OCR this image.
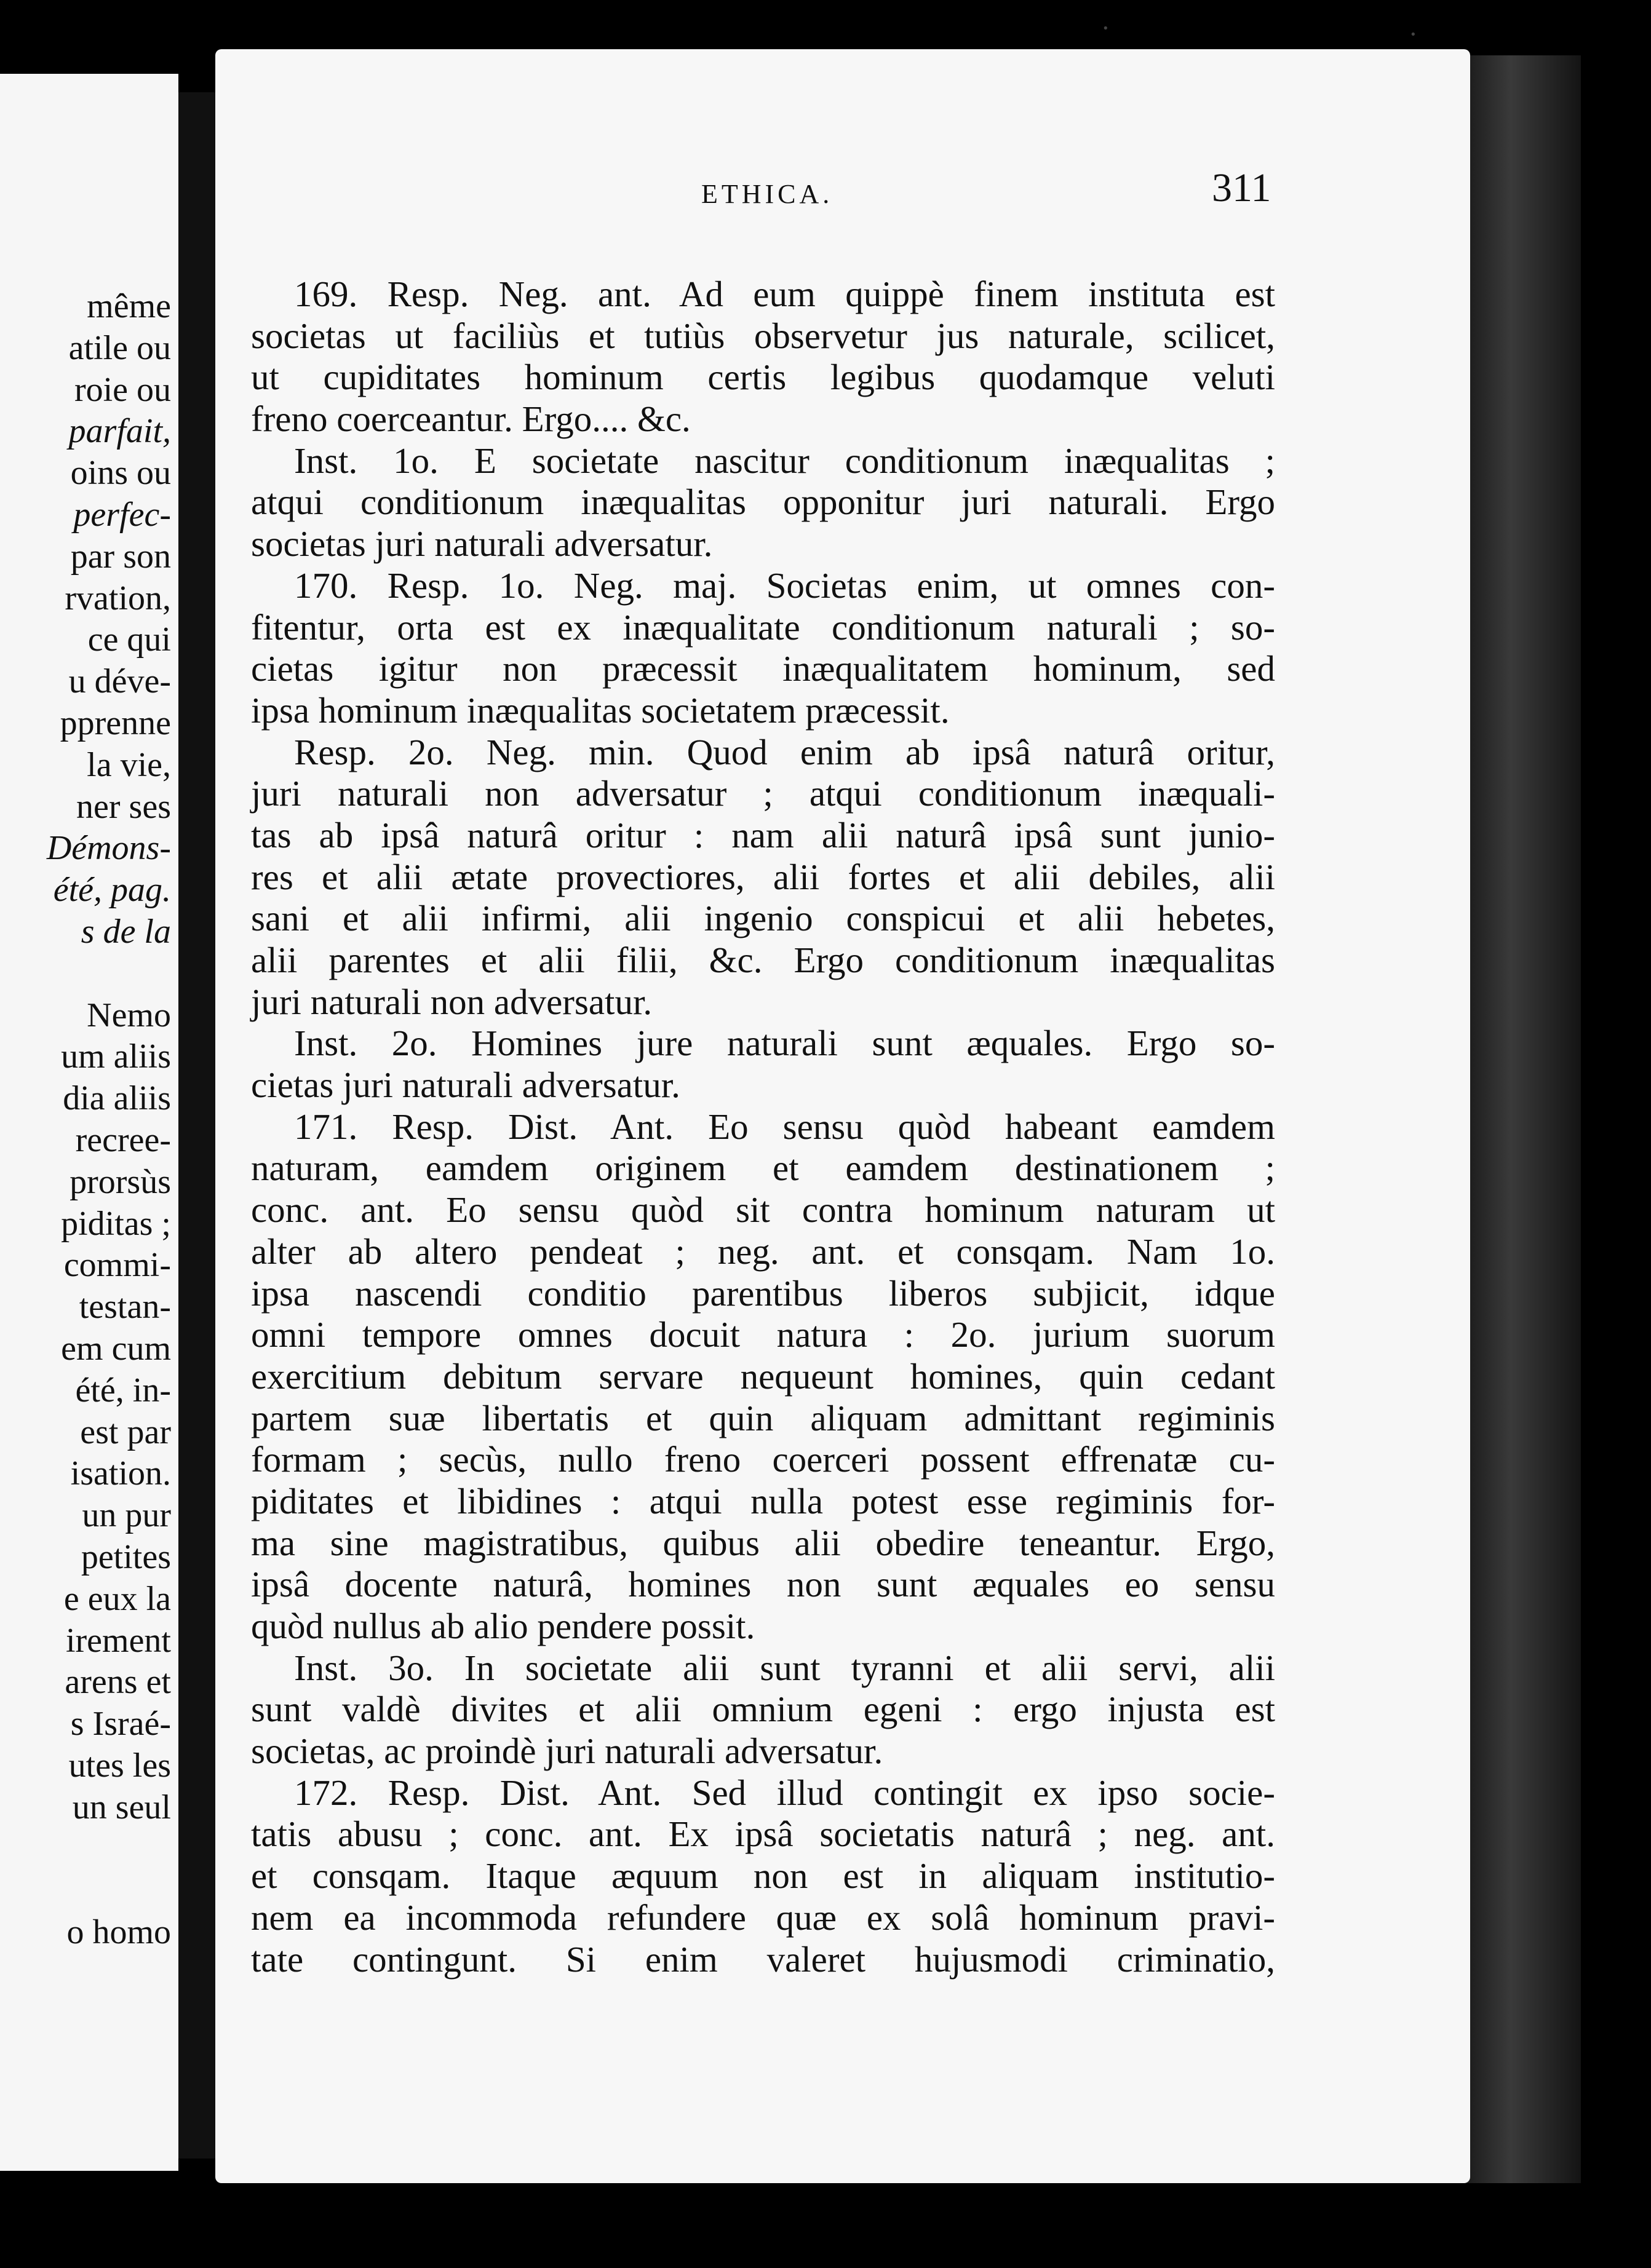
même
atile ou
roie ou
parfait,
oins ou
perfec-
par son
rvation,
ce qui
u déve-
pprenne
la vie,
ner ses
Démons-
été, pag.
s de la
Nemo
um aliis
dia aliis
recree-
prorsùs
piditas ;
commi-
testan-
em cum
été, in-
est par
isation.
un pur
petites
e eux la
irement
arens et
s Israé-
utes les
un seul
o homo
ETHICA.	311
169. Resp. Neg. ant. Ad eum quippè finem instituta est
societas ut faciliùs et tutiùs observetur jus naturale, scilicet,
ut cupiditates hominum certis legibus quodamque veluti
freno coerceantur. Ergo.... &c.
Inst. 1o. E societate nascitur conditionum inæqualitas ;
atqui conditionum inæqualitas opponitur juri naturali. Ergo
societas juri naturali adversatur.
170. Resp. 1o. Neg. maj. Societas enim, ut omnes con-
fitentur, orta est ex inæqualitate conditionum naturali ; so-
cietas igitur non præcessit inæqualitatem hominum, sed
ipsa hominum inæqualitas societatem præcessit.
Resp. 2o. Neg. min. Quod enim ab ipsâ naturâ oritur,
juri naturali non adversatur ; atqui conditionum inæquali-
tas ab ipsâ naturâ oritur : nam alii naturâ ipsâ sunt junio-
res et alii ætate provectiores, alii fortes et alii debiles, alii
sani et alii infirmi, alii ingenio conspicui et alii hebetes,
alii parentes et alii filii, &c. Ergo conditionum inæqualitas
juri naturali non adversatur.
Inst. 2o. Homines jure naturali sunt æquales. Ergo so-
cietas juri naturali adversatur.
171. Resp. Dist. Ant. Eo sensu quòd habeant eamdem
naturam, eamdem originem et eamdem destinationem ;
conc. ant. Eo sensu quòd sit contra hominum naturam ut
alter ab altero pendeat ; neg. ant. et consqam. Nam 1o.
ipsa nascendi conditio parentibus liberos subjicit, idque
omni tempore omnes docuit natura : 2o. jurium suorum
exercitium debitum servare nequeunt homines, quin cedant
partem suæ libertatis et quin aliquam admittant regiminis
formam ; secùs, nullo freno coerceri possent effrenatæ cu-
piditates et libidines : atqui nulla potest esse regiminis for-
ma sine magistratibus, quibus alii obedire teneantur. Ergo,
ipsâ docente naturâ, homines non sunt æquales eo sensu
quòd nullus ab alio pendere possit.
Inst. 3o. In societate alii sunt tyranni et alii servi, alii
sunt valdè divites et alii omnium egeni : ergo injusta est
societas, ac proindè juri naturali adversatur.
172. Resp. Dist. Ant. Sed illud contingit ex ipso socie-
tatis abusu ; conc. ant. Ex ipsâ societatis naturâ ; neg. ant.
et consqam. Itaque æquum non est in aliquam institutio-
nem ea incommoda refundere quæ ex solâ hominum pravi-
tate contingunt. Si enim valeret hujusmodi criminatio,
·	·
